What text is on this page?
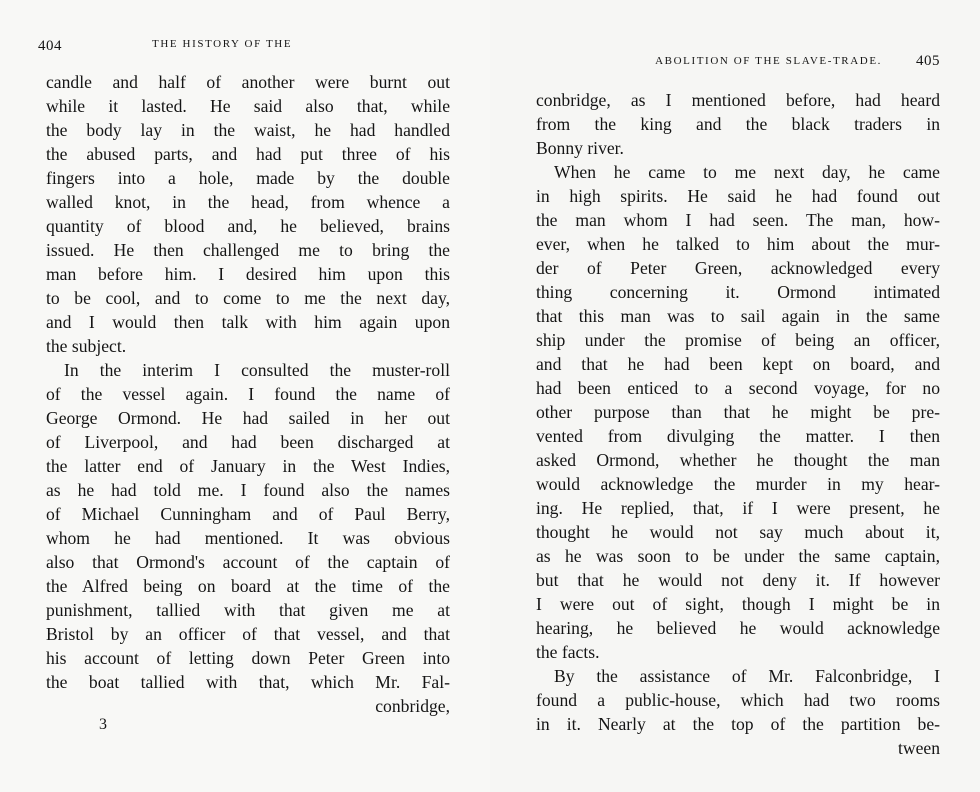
404	THE HISTORY OF THE
candle and half of another were burnt out
while it lasted. He said also that, while
the body lay in the waist, he had handled
the abused parts, and had put three of his
fingers into a hole, made by the double
walled knot, in the head, from whence a
quantity of blood and, he believed, brains
issued. He then challenged me to bring the
man before him. I desired him upon this
to be cool, and to come to me the next day,
and I would then talk with him again upon
the subject.
In the interim I consulted the muster-roll
of the vessel again. I found the name of
George Ormond. He had sailed in her out
of Liverpool, and had been discharged at
the latter end of January in the West Indies,
as he had told me. I found also the names
of Michael Cunningham and of Paul Berry,
whom he had mentioned. It was obvious
also that Ormond's account of the captain of
the Alfred being on board at the time of the
punishment, tallied with that given me at
Bristol by an officer of that vessel, and that
his account of letting down Peter Green into
the boat tallied with that, which Mr. Fal-
conbridge,
3
ABOLITION OF THE SLAVE-TRADE. 405
conbridge, as I mentioned before, had heard
from the king and the black traders in
Bonny river.
When he came to me next day, he came
in high spirits. He said he had found out
the man whom I had seen. The man, how-
ever, when he talked to him about the mur-
der of Peter Green, acknowledged every
thing concerning it. Ormond intimated
that this man was to sail again in the same
ship under the promise of being an officer,
and that he had been kept on board, and
had been enticed to a second voyage, for no
other purpose than that he might be pre-
vented from divulging the matter. I then
asked Ormond, whether he thought the man
would acknowledge the murder in my hear-
ing. He replied, that, if I were present, he
thought he would not say much about it,
as he was soon to be under the same captain,
but that he would not deny it. If however
I were out of sight, though I might be in
hearing, he believed he would acknowledge
the facts.
By the assistance of Mr. Falconbridge, I
found a public-house, which had two rooms
in it. Nearly at the top of the partition be-
tween
